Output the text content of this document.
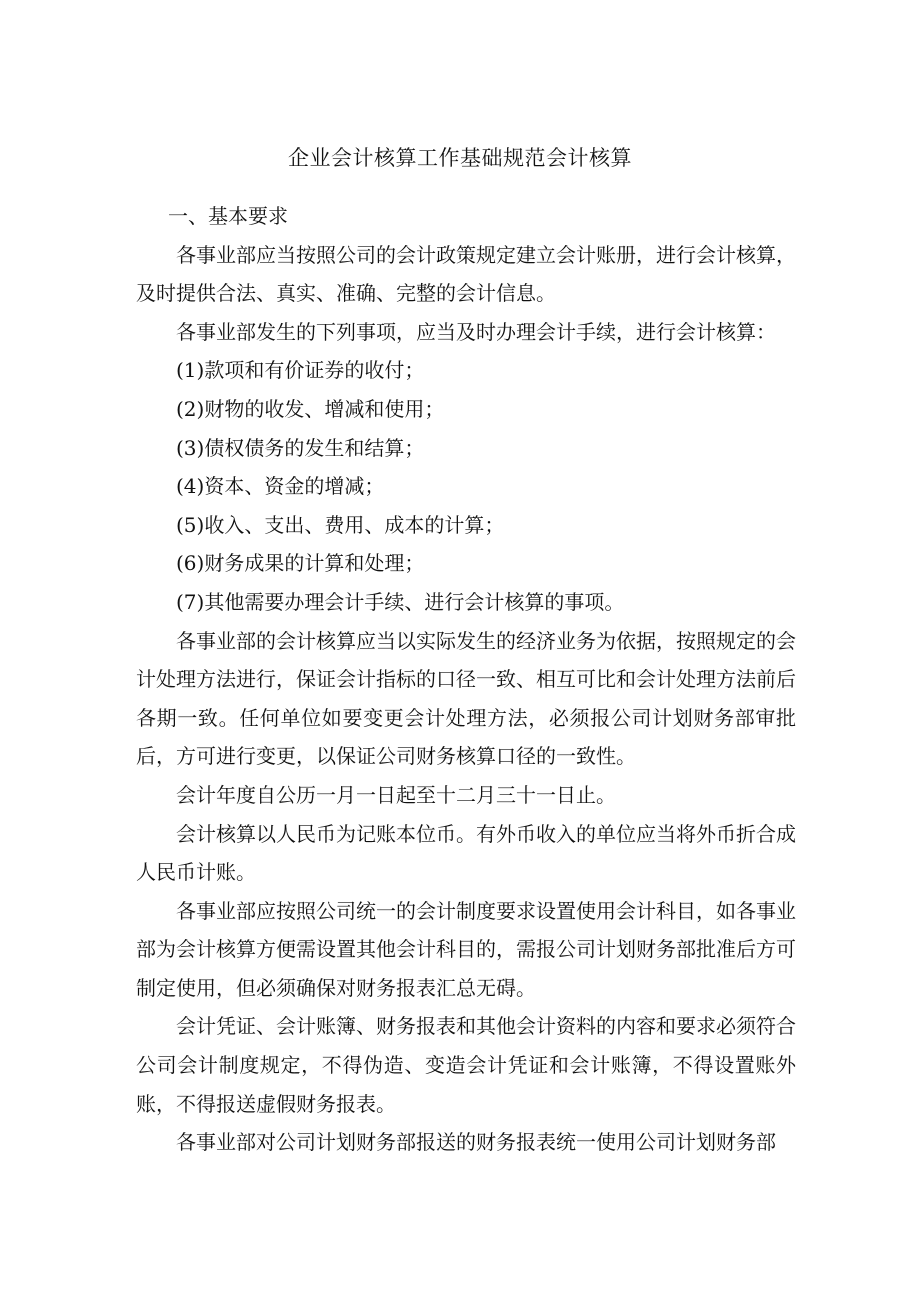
企业会计核算工作基础规范会计核算

一、基本要求

各事业部应当按照公司的会计政策规定建立会计账册，进行会计核算，及时提供合法、真实、准确、完整的会计信息。

各事业部发生的下列事项，应当及时办理会计手续，进行会计核算：

(1)款项和有价证券的收付；

(2)财物的收发、增减和使用；

(3)债权债务的发生和结算；

(4)资本、资金的增减；

(5)收入、支出、费用、成本的计算；

(6)财务成果的计算和处理；

(7)其他需要办理会计手续、进行会计核算的事项。

各事业部的会计核算应当以实际发生的经济业务为依据，按照规定的会计处理方法进行，保证会计指标的口径一致、相互可比和会计处理方法前后各期一致。任何单位如要变更会计处理方法，必须报公司计划财务部审批后，方可进行变更，以保证公司财务核算口径的一致性。

会计年度自公历一月一日起至十二月三十一日止。

会计核算以人民币为记账本位币。有外币收入的单位应当将外币折合成人民币计账。

各事业部应按照公司统一的会计制度要求设置使用会计科目，如各事业部为会计核算方便需设置其他会计科目的，需报公司计划财务部批准后方可制定使用，但必须确保对财务报表汇总无碍。

会计凭证、会计账簿、财务报表和其他会计资料的内容和要求必须符合公司会计制度规定，不得伪造、变造会计凭证和会计账簿，不得设置账外账，不得报送虚假财务报表。

各事业部对公司计划财务部报送的财务报表统一使用公司计划财务部
